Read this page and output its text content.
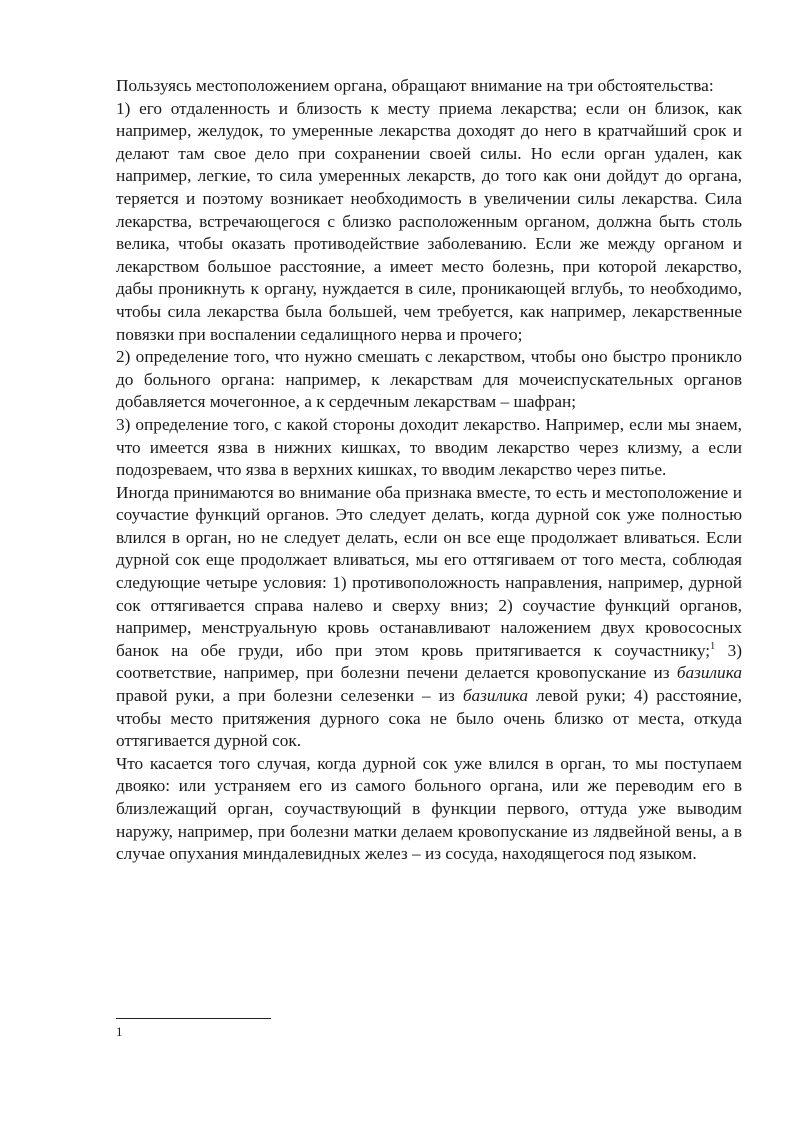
Пользуясь местоположением органа, обращают внимание на три обстоятельства:

1) его отдаленность и близость к месту приема лекарства; если он близок, как например, желудок, то умеренные лекарства доходят до него в кратчайший срок и делают там свое дело при сохранении своей силы. Но если орган удален, как например, легкие, то сила умеренных лекарств, до того как они дойдут до органа, теряется и поэтому возникает необходимость в увеличении силы лекарства. Сила лекарства, встречающегося с близко расположенным органом, должна быть столь велика, чтобы оказать противодействие заболеванию. Если же между органом и лекарством большое расстояние, а имеет место болезнь, при которой лекарство, дабы проникнуть к органу, нуждается в силе, проникающей вглубь, то необходимо, чтобы сила лекарства была большей, чем требуется, как например, лекарственные повязки при воспалении седалищного нерва и прочего;

2) определение того, что нужно смешать с лекарством, чтобы оно быстро проникло до больного органа: например, к лекарствам для мочеиспускательных органов добавляется мочегонное, а к сердечным лекарствам – шафран;

3) определение того, с какой стороны доходит лекарство. Например, если мы знаем, что имеется язва в нижних кишках, то вводим лекарство через клизму, а если подозреваем, что язва в верхних кишках, то вводим лекарство через питье.

Иногда принимаются во внимание оба признака вместе, то есть и местоположение и соучастие функций органов. Это следует делать, когда дурной сок уже полностью влился в орган, но не следует делать, если он все еще продолжает вливаться. Если дурной сок еще продолжает вливаться, мы его оттягиваем от того места, соблюдая следующие четыре условия: 1) противоположность направления, например, дурной сок оттягивается справа налево и сверху вниз; 2) соучастие функций органов, например, менструальную кровь останавливают наложением двух кровососных банок на обе груди, ибо при этом кровь притягивается к соучастнику;$^1$ 3) соответствие, например, при болезни печени делается кровопускание из базилика правой руки, а при болезни селезенки – из базилика левой руки; 4) расстояние, чтобы место притяжения дурного сока не было очень близко от места, откуда оттягивается дурной сок.

Что касается того случая, когда дурной сок уже влился в орган, то мы поступаем двояко: или устраняем его из самого больного органа, или же переводим его в близлежащий орган, соучаствующий в функции первого, оттуда уже выводим наружу, например, при болезни матки делаем кровопускание из лядвейной вены, а в случае опухания миндалевидных желез – из сосуда, находящегося под языком.

1
